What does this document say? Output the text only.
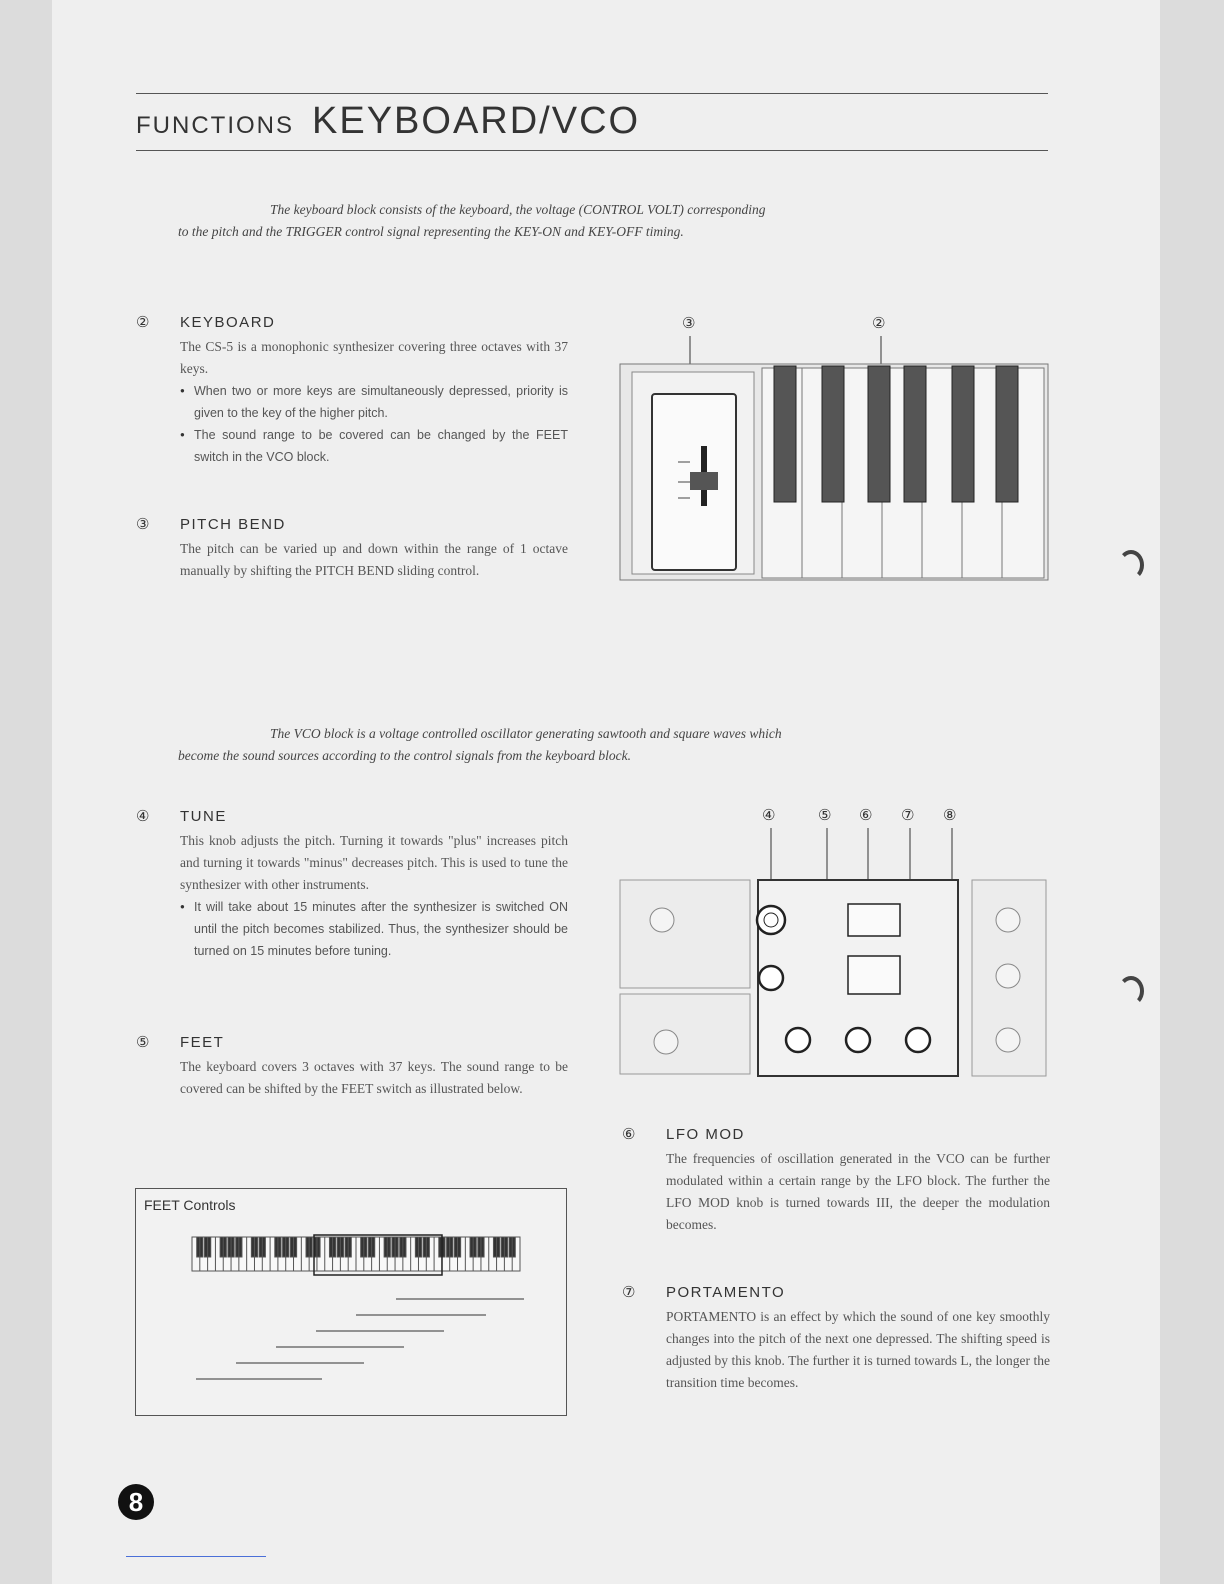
FUNCTIONS KEYBOARD/VCO
The keyboard block consists of the keyboard, the voltage (CONTROL VOLT) corresponding
to the pitch and the TRIGGER control signal representing the KEY-ON and KEY-OFF timing.
② KEYBOARD

The CS-5 is a monophonic synthesizer covering three octaves with 37 keys.

● When two or more keys are simultaneously depressed, priority is given to the key of the higher pitch.
● The sound range to be covered can be changed by the FEET switch in the VCO block.
③ PITCH BEND

The pitch can be varied up and down within the range of 1 octave manually by shifting the PITCH BEND sliding control.

③	②
The VCO block is a voltage controlled oscillator generating sawtooth and square waves which
become the sound sources according to the control signals from the keyboard block.
④ TUNE

This knob adjusts the pitch. Turning it towards "plus" increases pitch and turning it towards "minus" decreases pitch. This is used to tune the synthesizer with other instruments.

● It will take about 15 minutes after the synthesizer is switched ON until the pitch becomes stabilized. Thus, the synthesizer should be turned on 15 minutes before tuning.
⑤ FEET

The keyboard covers 3 octaves with 37 keys. The sound range to be covered can be shifted by the FEET switch as illustrated below.

FEET Controls
④	⑤ ⑥ ⑦ ⑧
⑥ LFO MOD

The frequencies of oscillation generated in the VCO can be further modulated within a certain range by the LFO block. The further the LFO MOD knob is turned towards III, the deeper the modulation becomes.

⑦ PORTAMENTO

PORTAMENTO is an effect by which the sound of one key smoothly changes into the pitch of the next one depressed. The shifting speed is adjusted by this knob. The further it is turned towards L, the longer the transition time becomes.

8
